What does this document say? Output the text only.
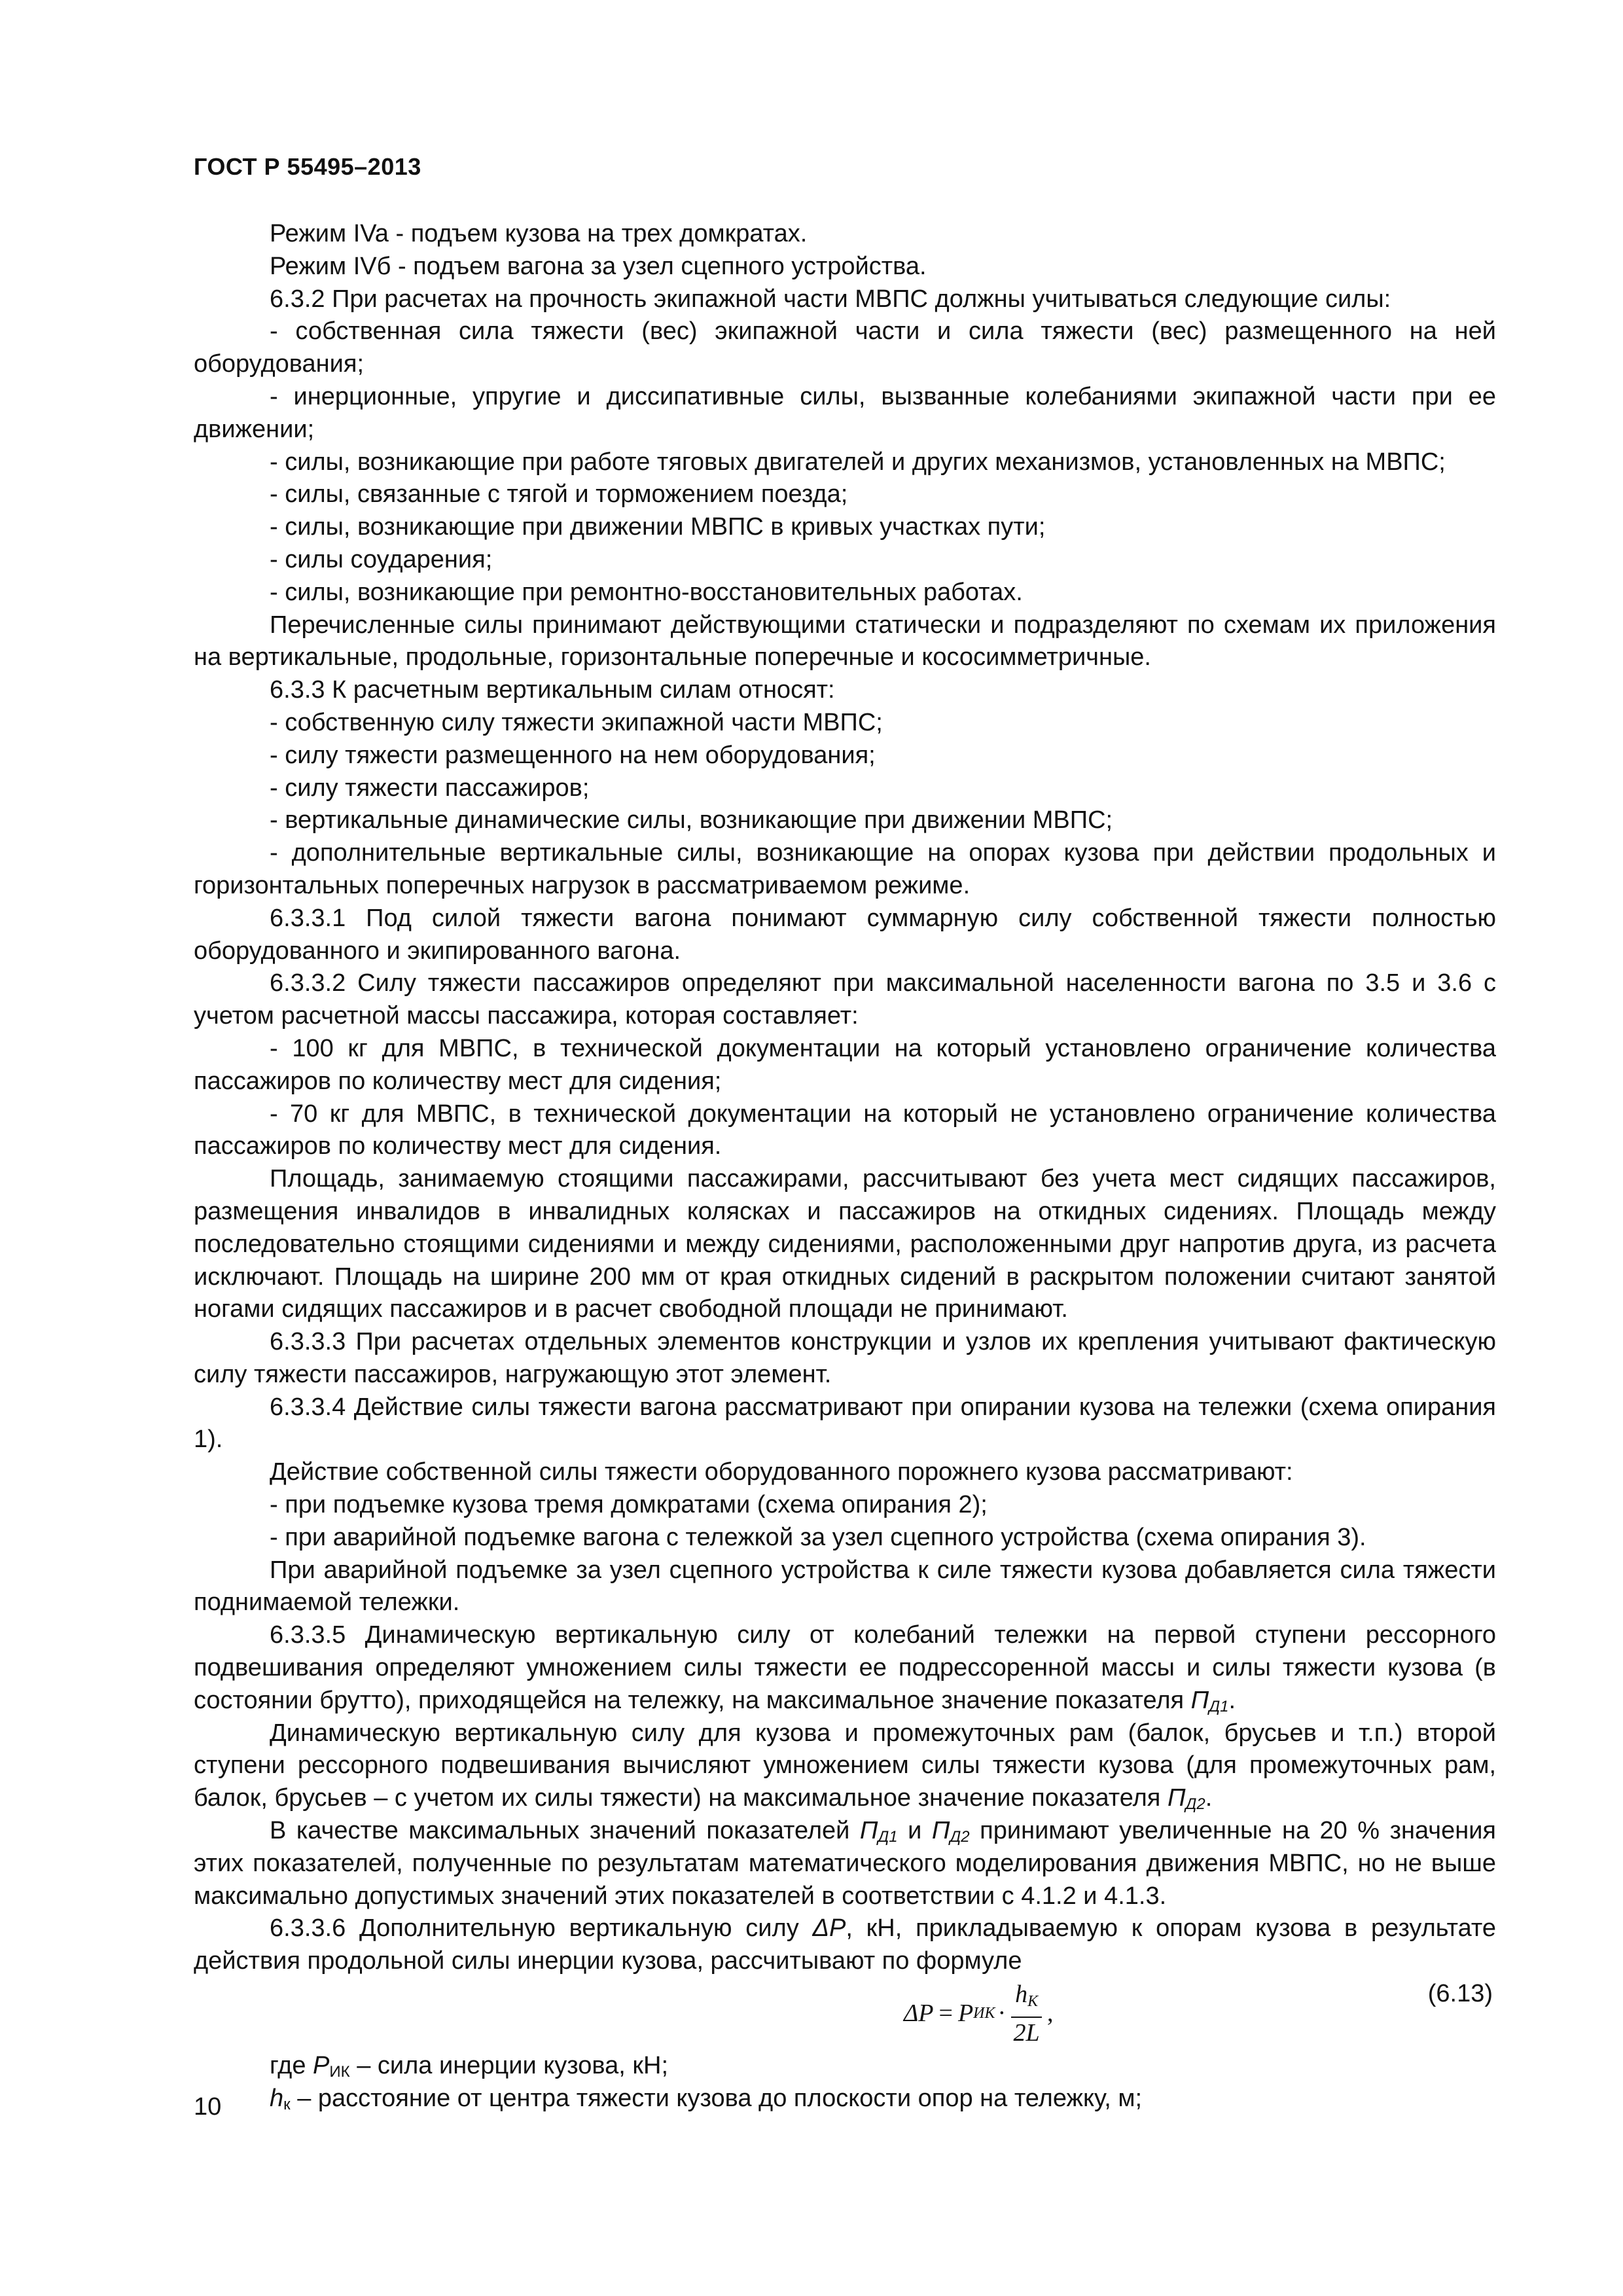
ГОСТ Р 55495–2013

Режим IVa - подъем кузова на трех домкратах.

Режим IVб - подъем вагона за узел сцепного устройства.

6.3.2 При расчетах на прочность экипажной части МВПС должны учитываться следующие силы:

- собственная сила тяжести (вес) экипажной части и сила тяжести (вес) размещенного на ней оборудования;

- инерционные, упругие и диссипативные силы, вызванные колебаниями экипажной части при ее движении;

- силы, возникающие при работе тяговых двигателей и других механизмов, установленных на МВПС;

- силы, связанные с тягой и торможением поезда;

- силы, возникающие при движении МВПС в кривых участках пути;

- силы соударения;

- силы, возникающие при ремонтно-восстановительных работах.

Перечисленные силы принимают действующими статически и подразделяют по схемам их приложения на вертикальные, продольные, горизонтальные поперечные и кососимметричные.

6.3.3 К расчетным вертикальным силам относят:

- собственную силу тяжести экипажной части МВПС;

- силу тяжести размещенного на нем оборудования;

- силу тяжести пассажиров;

- вертикальные динамические силы, возникающие при движении МВПС;

- дополнительные вертикальные силы, возникающие на опорах кузова при действии продольных и горизонтальных поперечных нагрузок в рассматриваемом режиме.

6.3.3.1 Под силой тяжести вагона понимают суммарную силу собственной тяжести полностью оборудованного и экипированного вагона.

6.3.3.2 Силу тяжести пассажиров определяют при максимальной населенности вагона по 3.5 и 3.6 с учетом расчетной массы пассажира, которая составляет:

- 100 кг для МВПС, в технической документации на который установлено ограничение количества пассажиров по количеству мест для сидения;

- 70 кг для МВПС, в технической документации на который не установлено ограничение количества пассажиров по количеству мест для сидения.

Площадь, занимаемую стоящими пассажирами, рассчитывают без учета мест сидящих пассажиров, размещения инвалидов в инвалидных колясках и пассажиров на откидных сидениях. Площадь между последовательно стоящими сидениями и между сидениями, расположенными друг напротив друга, из расчета исключают. Площадь на ширине 200 мм от края откидных сидений в раскрытом положении считают занятой ногами сидящих пассажиров и в расчет свободной площади не принимают.

6.3.3.3 При расчетах отдельных элементов конструкции и узлов их крепления учитывают фактическую силу тяжести пассажиров, нагружающую этот элемент.

6.3.3.4 Действие силы тяжести вагона рассматривают при опирании кузова на тележки (схема опирания 1).

Действие собственной силы тяжести оборудованного порожнего кузова рассматривают:

- при подъемке кузова тремя домкратами (схема опирания 2);

- при аварийной подъемке вагона с тележкой за узел сцепного устройства (схема опирания 3).

При аварийной подъемке за узел сцепного устройства к силе тяжести кузова добавляется сила тяжести поднимаемой тележки.

6.3.3.5 Динамическую вертикальную силу от колебаний тележки на первой ступени рессорного подвешивания определяют умножением силы тяжести ее подрессоренной массы и силы тяжести кузова (в состоянии брутто), приходящейся на тележку, на максимальное значение показателя $П_{Д1}$.

Динамическую вертикальную силу для кузова и промежуточных рам (балок, брусьев и т.п.) второй ступени рессорного подвешивания вычисляют умножением силы тяжести кузова (для промежуточных рам, балок, брусьев – с учетом их силы тяжести) на максимальное значение показателя $П_{Д2}$.

В качестве максимальных значений показателей $П_{Д1}$ и $П_{Д2}$ принимают увеличенные на 20 % значения этих показателей, полученные по результатам математического моделирования движения МВПС, но не выше максимально допустимых значений этих показателей в соответствии с 4.1.2 и 4.1.3.

6.3.3.6 Дополнительную вертикальную силу ΔP, кН, прикладываемую к опорам кузова в результате действия продольной силы инерции кузова, рассчитывают по формуле

ΔP = P ИК · $\frac{h_К}{2L}$ ,
(6.13)

где $P_{ИК}$ – сила инерции кузова, кН;

$h_к$ – расстояние от центра тяжести кузова до плоскости опор на тележку, м;

10
